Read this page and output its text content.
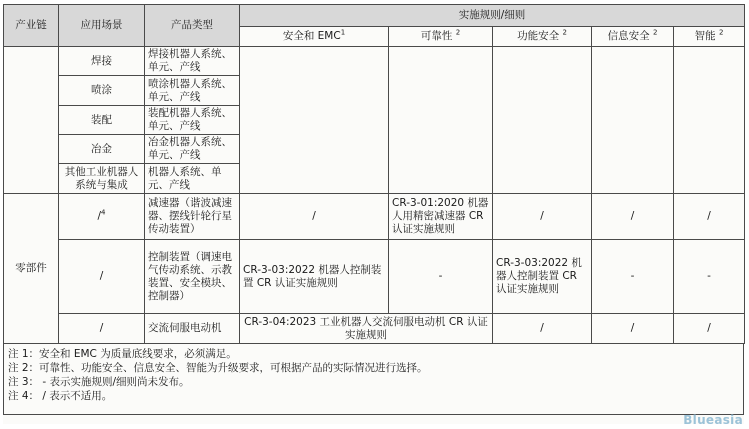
产业链	应用场景	产品类型	实施规则/细则				
			安全和 EMC$^1$	可靠性 $^2$	功能安全 $^2$	信息安全 $^2$	智能 $^2$
	焊接	焊接机器人系统、单元、产线					
	喷涂	喷涂机器人系统、单元、产线					
	装配	装配机器人系统、单元、产线					
	冶金	冶金机器人系统、单元、产线					
	其他工业机器人系统与集成	机器人系统、单元、产线					
零部件	/$^4$	减速器（谐波减速器、摆线针轮行星传动装置）	/	CR-3-01:2020 机器人用精密减速器 CR 认证实施规则	/	/	/
	/	控制装置（调速电气传动系统、示教装置、安全模块、控制器）	CR-3-03:2022 机器人控制装置 CR 认证实施规则	-	CR-3-03:2022 机器人控制装置 CR 认证实施规则	-	-
	/	交流伺服电动机	CR-3-04:2023 工业机器人交流伺服电动机 CR 认证实施规则		/	/	/
注 1：安全和 EMC 为质量底线要求，必须满足。
注 2：可靠性、功能安全、信息安全、智能为升级要求，可根据产品的实际情况进行选择。
注 3： - 表示实施规则/细则尚未发布。
注 4： / 表示不适用。
Blueasia
